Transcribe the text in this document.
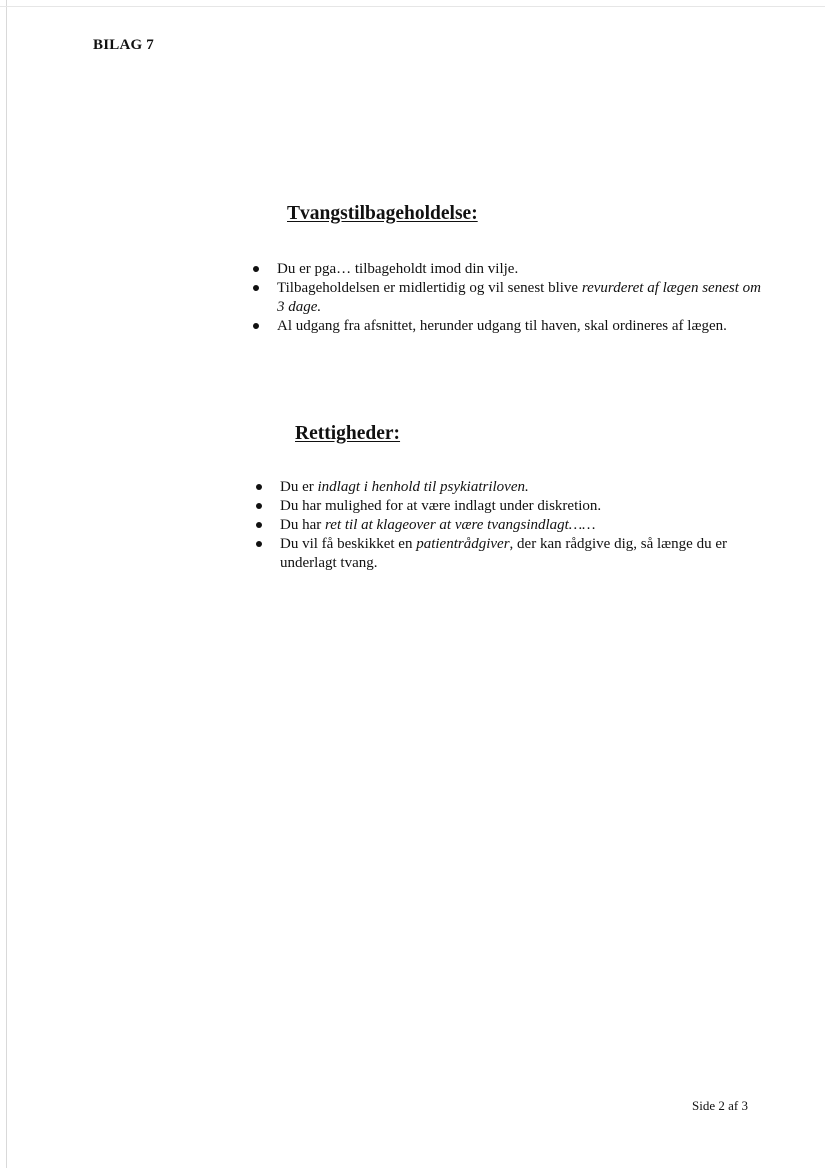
BILAG 7
Tvangstilbageholdelse:
Du er pga… tilbageholdt imod din vilje.
Tilbageholdelsen er midlertidig og vil senest blive revurderet af lægen senest om 3 dage.
Al udgang fra afsnittet, herunder udgang til haven, skal ordineres af lægen.
Rettigheder:
Du er indlagt i henhold til psykiatriloven.
Du har mulighed for at være indlagt under diskretion.
Du har ret til at klageover at være tvangsindlagt……
Du vil få beskikket en patientrådgiver, der kan rådgive dig, så længe du er underlagt tvang.
Side 2 af 3
